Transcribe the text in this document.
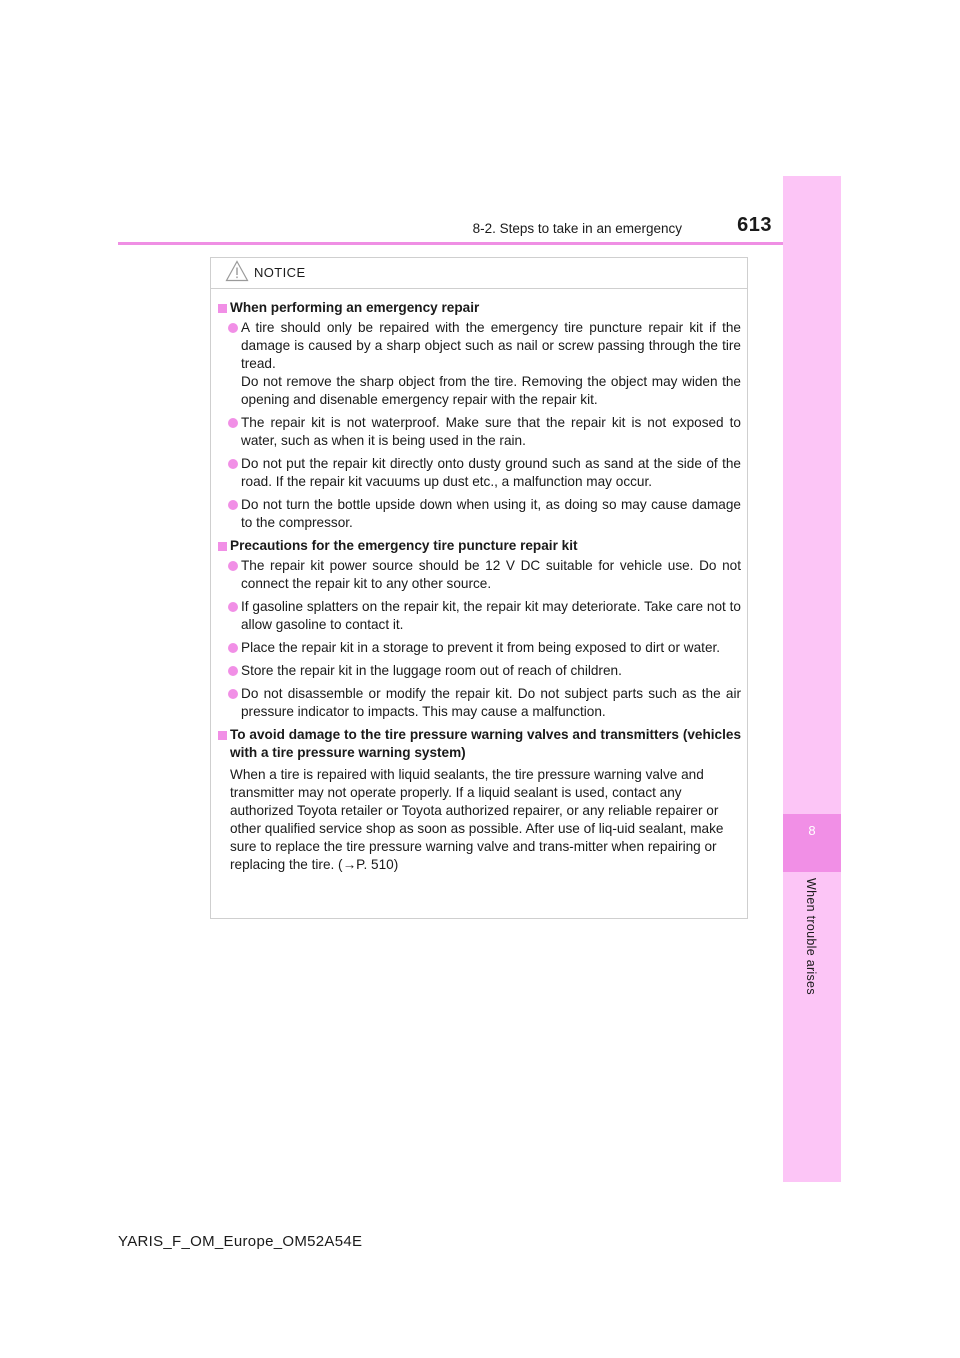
8-2. Steps to take in an emergency	613
8
When trouble arises
NOTICE
When performing an emergency repair
A tire should only be repaired with the emergency tire puncture repair kit if the damage is caused by a sharp object such as nail or screw passing through the tire tread.
Do not remove the sharp object from the tire. Removing the object may widen the opening and disenable emergency repair with the repair kit.
The repair kit is not waterproof. Make sure that the repair kit is not exposed to water, such as when it is being used in the rain.
Do not put the repair kit directly onto dusty ground such as sand at the side of the road. If the repair kit vacuums up dust etc., a malfunction may occur.
Do not turn the bottle upside down when using it, as doing so may cause damage to the compressor.
Precautions for the emergency tire puncture repair kit
The repair kit power source should be 12 V DC suitable for vehicle use. Do not connect the repair kit to any other source.
If gasoline splatters on the repair kit, the repair kit may deteriorate. Take care not to allow gasoline to contact it.
Place the repair kit in a storage to prevent it from being exposed to dirt or water.
Store the repair kit in the luggage room out of reach of children.
Do not disassemble or modify the repair kit. Do not subject parts such as the air pressure indicator to impacts. This may cause a malfunction.
To avoid damage to the tire pressure warning valves and transmitters (vehicles with a tire pressure warning system)
When a tire is repaired with liquid sealants, the tire pressure warning valve and transmitter may not operate properly. If a liquid sealant is used, contact any authorized Toyota retailer or Toyota authorized repairer, or any reliable repairer or other qualified service shop as soon as possible. After use of liq-uid sealant, make sure to replace the tire pressure warning valve and trans-mitter when repairing or replacing the tire. (→P. 510)
YARIS_F_OM_Europe_OM52A54E
